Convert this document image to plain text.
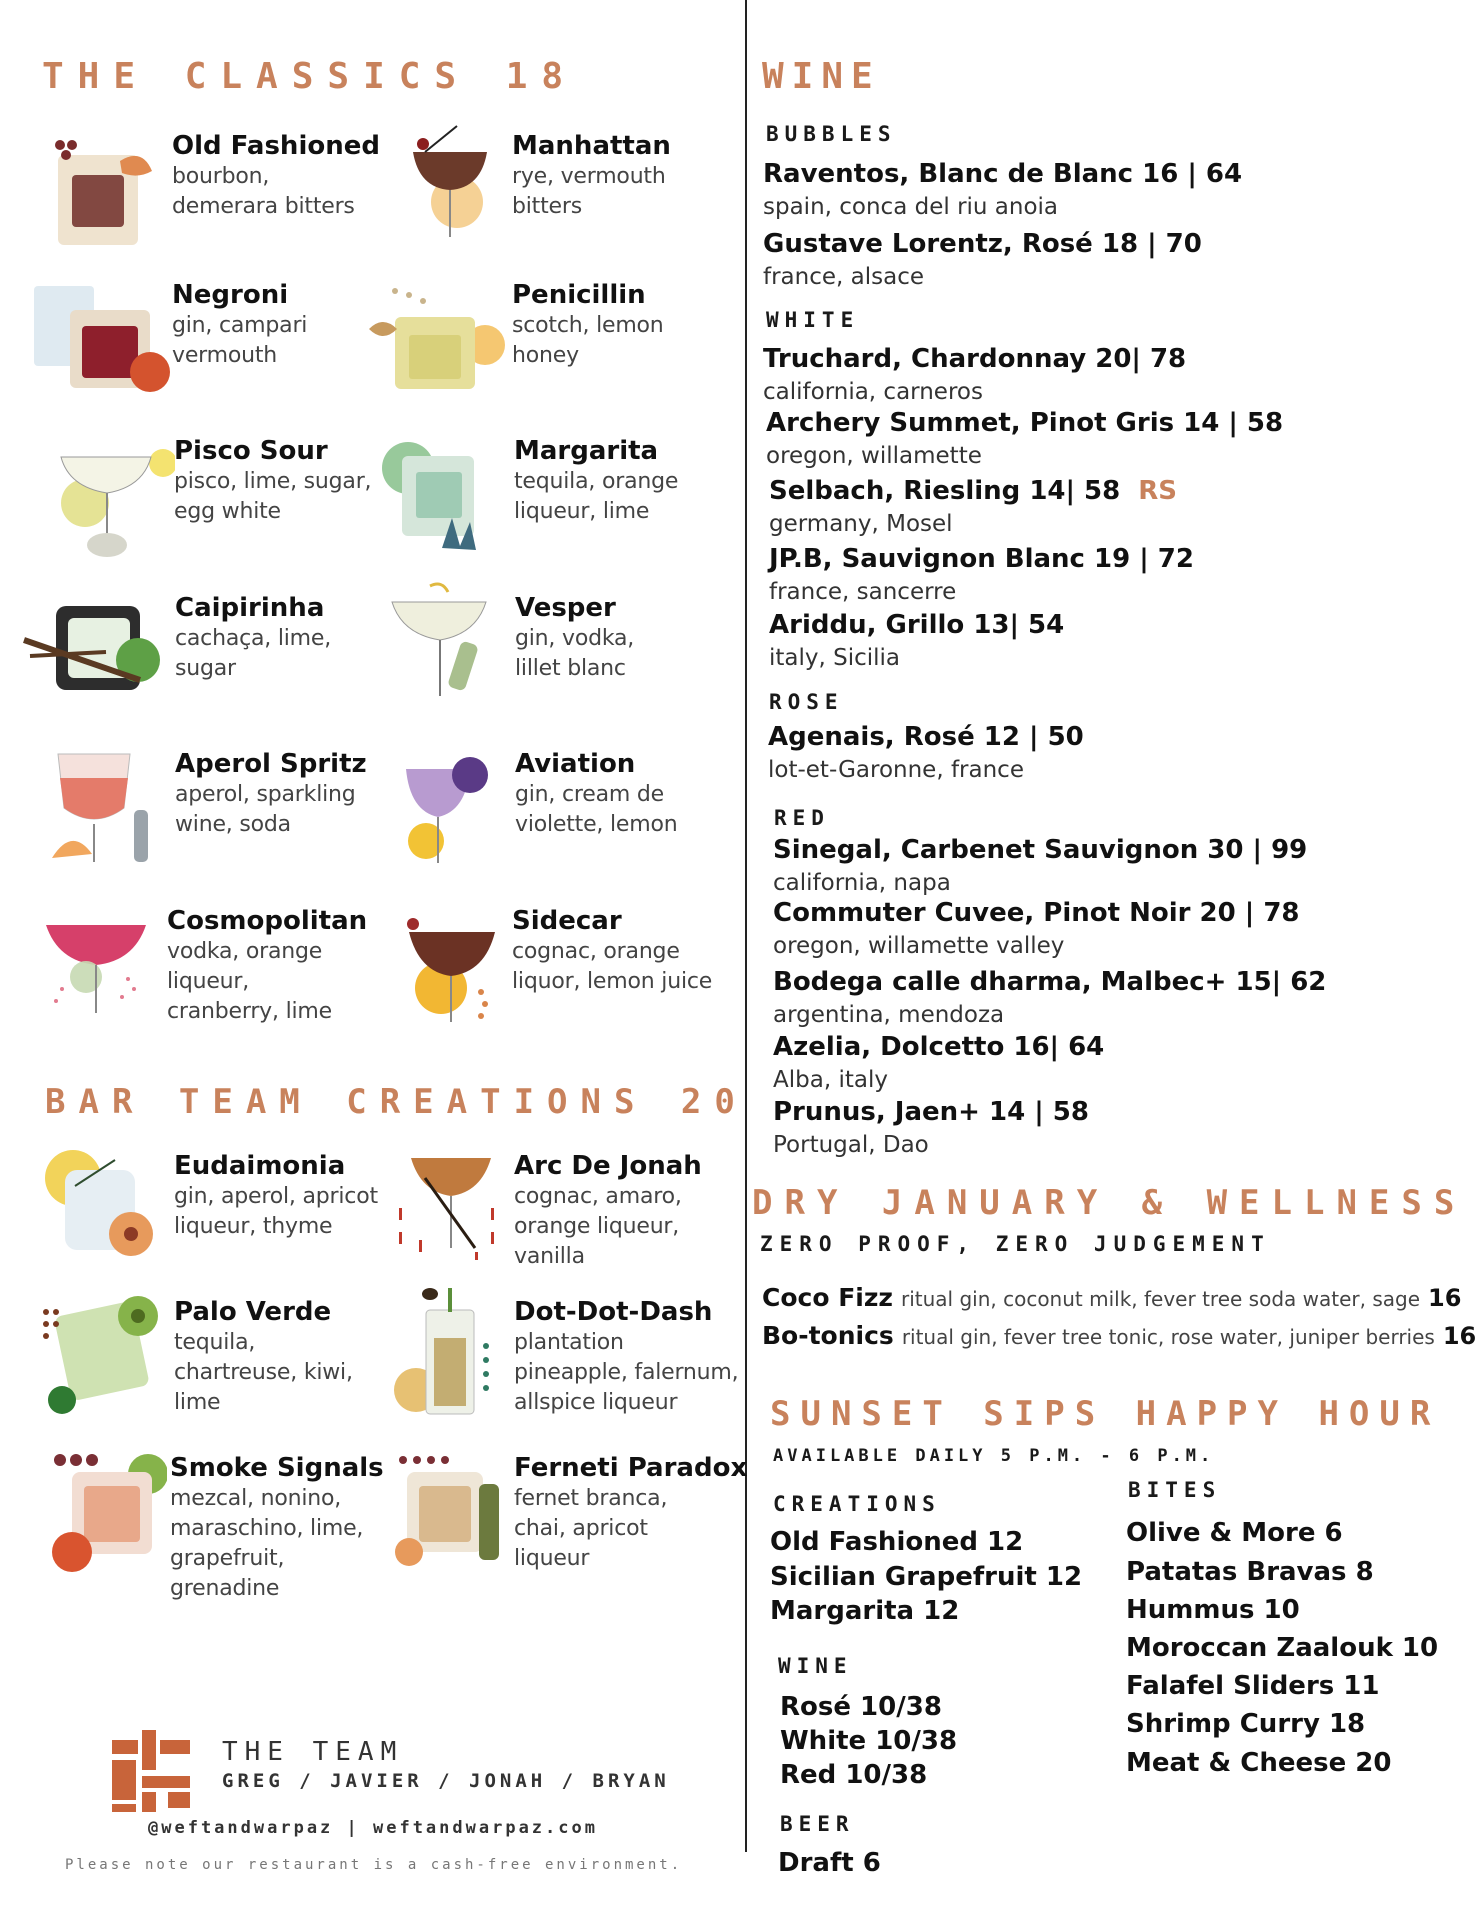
THE CLASSICS 18
Old Fashioned
bourbon, demerara bitters
Manhattan
rye, vermouth bitters
Negroni
gin, campari vermouth
Penicillin
scotch, lemon honey
Pisco Sour
pisco, lime, sugar, egg white
Margarita
tequila, orange liqueur, lime
Caipirinha
cachaça, lime, sugar
Vesper
gin, vodka, lillet blanc
Aperol Spritz
aperol, sparkling wine, soda
Aviation
gin, cream de violette, lemon
Cosmopolitan
vodka, orange liqueur, cranberry, lime
Sidecar
cognac, orange liquor, lemon juice
BAR TEAM CREATIONS 20
Eudaimonia
gin, aperol, apricot liqueur, thyme
Arc De Jonah
cognac, amaro, orange liqueur, vanilla
Palo Verde
tequila, chartreuse, kiwi, lime
Dot-Dot-Dash
plantation pineapple, falernum, allspice liqueur
Smoke Signals
mezcal, nonino, maraschino, lime, grapefruit, grenadine
Ferneti Paradox
fernet branca, chai, apricot liqueur
THE TEAM
GREG / JAVIER / JONAH / BRYAN
@weftandwarpaz | weftandwarpaz.com
Please note our restaurant is a cash-free environment.
WINE
BUBBLES
Raventos, Blanc de Blanc 16 | 64
spain, conca del riu anoia
Gustave Lorentz, Rosé 18 | 70
france, alsace
WHITE
Truchard, Chardonnay 20| 78
california, carneros
Archery Summet, Pinot Gris 14 | 58
oregon, willamette
Selbach, Riesling 14| 58 RS
germany, Mosel
JP.B, Sauvignon Blanc 19 | 72
france, sancerre
Ariddu, Grillo 13| 54
italy, Sicilia
ROSE
Agenais, Rosé 12 | 50
lot-et-Garonne, france
RED
Sinegal, Carbenet Sauvignon 30 | 99
california, napa
Commuter Cuvee, Pinot Noir 20 | 78
oregon, willamette valley
Bodega calle dharma, Malbec+ 15| 62
argentina, mendoza
Azelia, Dolcetto 16| 64
Alba, italy
Prunus, Jaen+ 14 | 58
Portugal, Dao
DRY JANUARY & WELLNESS
ZERO PROOF, ZERO JUDGEMENT
Coco Fizz ritual gin, coconut milk, fever tree soda water, sage 16
Bo-tonics ritual gin, fever tree tonic, rose water, juniper berries 16
SUNSET SIPS HAPPY HOUR
AVAILABLE DAILY 5 P.M. - 6 P.M.
CREATIONS
Old Fashioned 12
Sicilian Grapefruit 12
Margarita 12
WINE
Rosé 10/38
White 10/38
Red 10/38
BEER
Draft 6
BITES
Olive & More 6
Patatas Bravas 8
Hummus 10
Moroccan Zaalouk 10
Falafel Sliders 11
Shrimp Curry 18
Meat & Cheese 20
